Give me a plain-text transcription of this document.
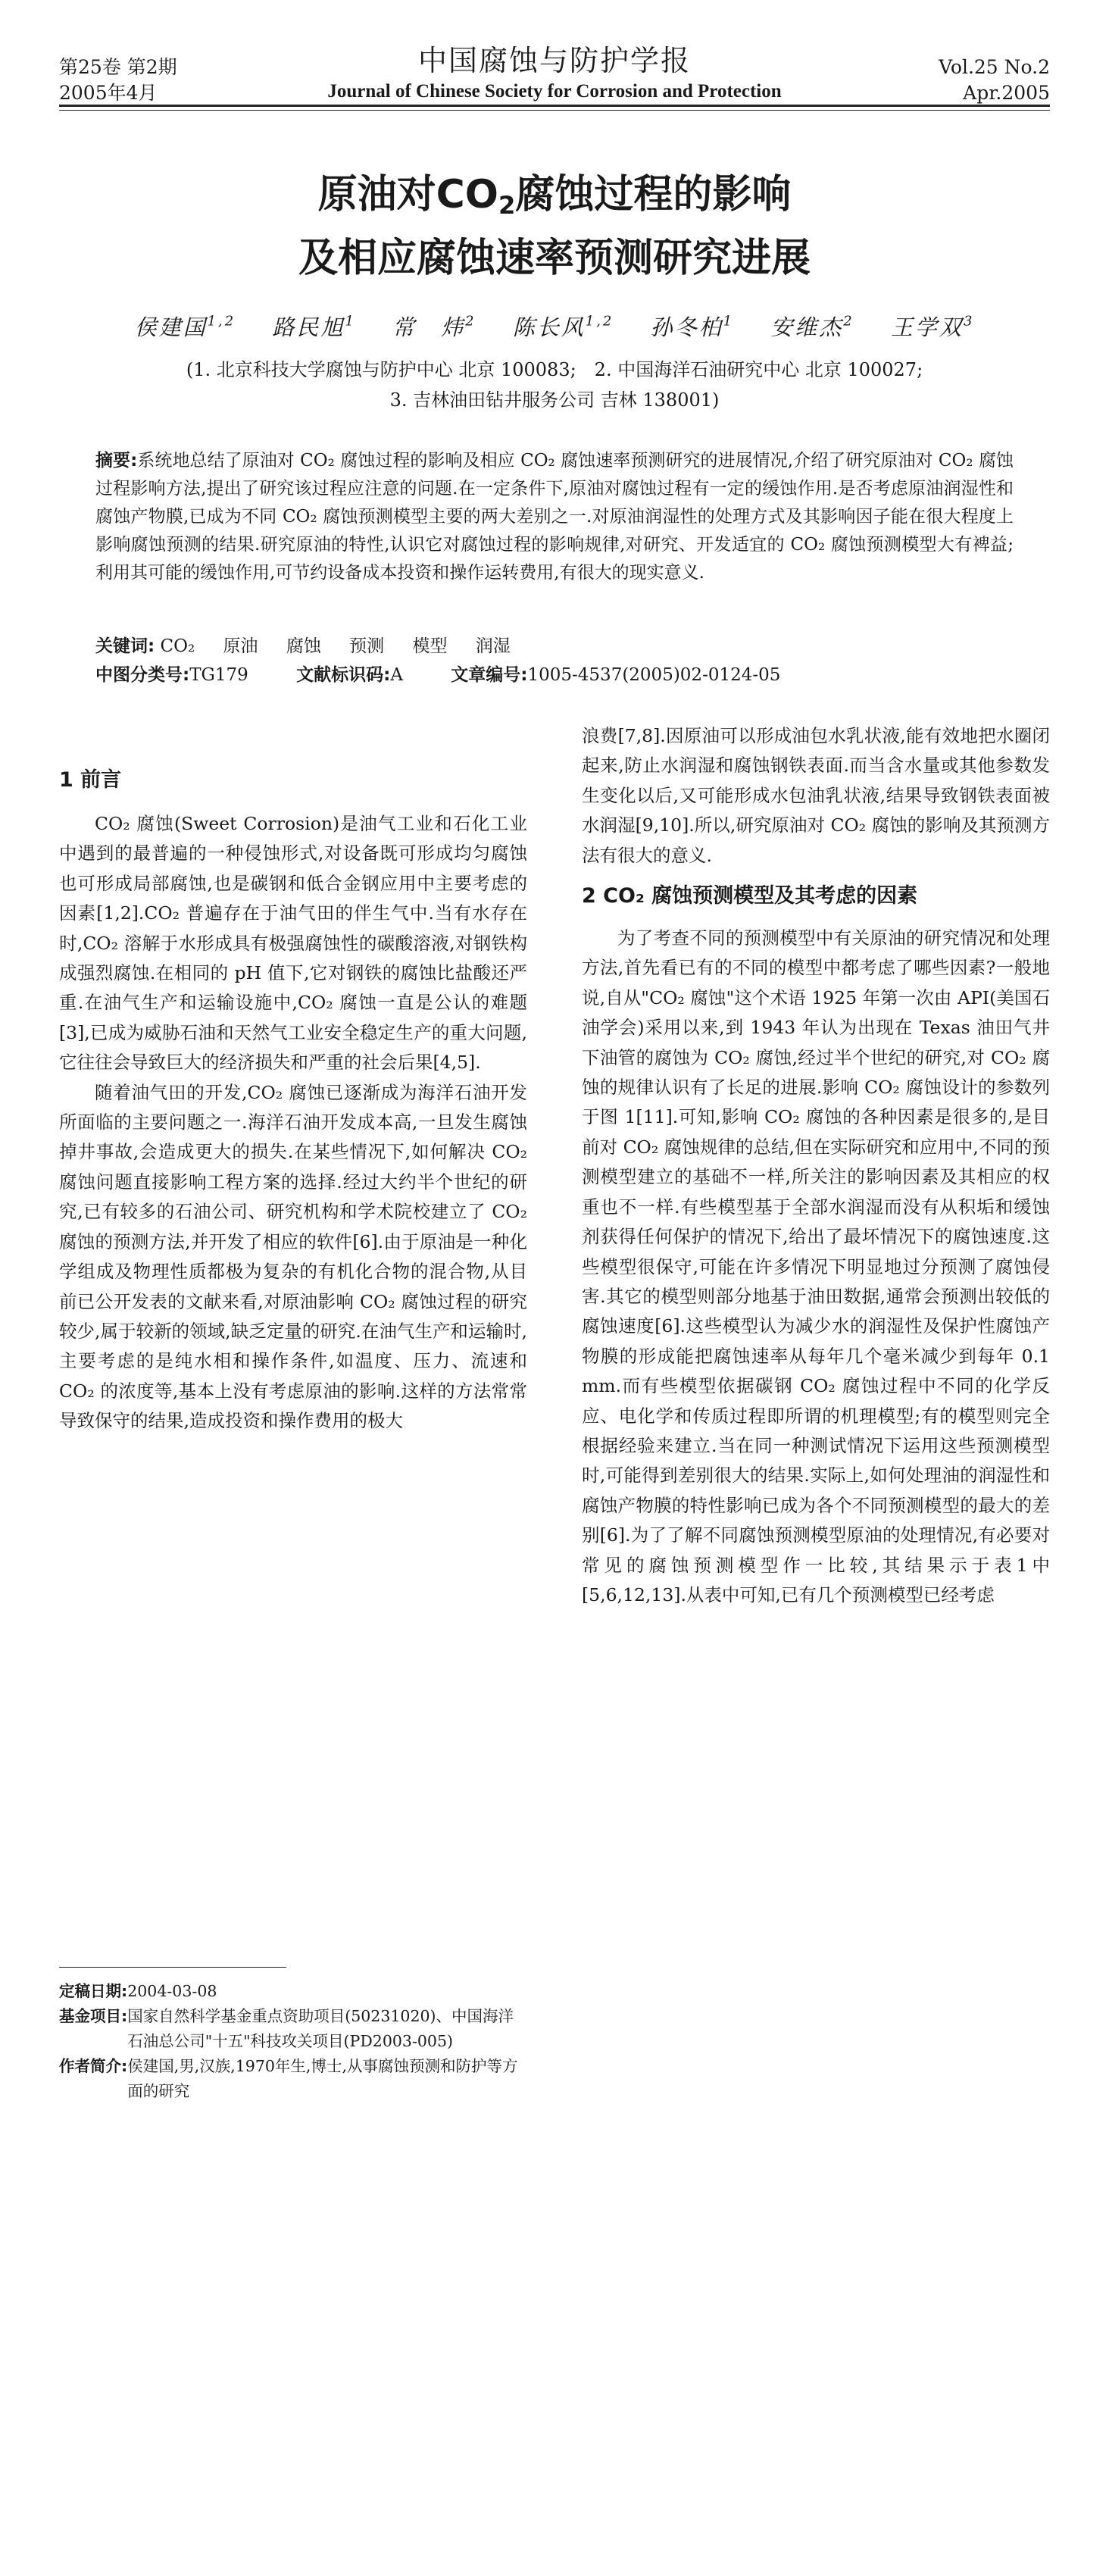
第25卷 第2期
2005年4月
中国腐蚀与防护学报
Journal of Chinese Society for Corrosion and Protection
Vol.25 No.2
Apr.2005
原油对$CO_2$腐蚀过程的影响
及相应腐蚀速率预测研究进展
侯建国$^{1,2}$ 路民旭$^1$ 常　炜$^2$ 陈长风$^{1,2}$ 孙冬柏$^1$ 安维杰$^2$ 王学双$^3$
(1. 北京科技大学腐蚀与防护中心 北京 100083;　2. 中国海洋石油研究中心 北京 100027;
3. 吉林油田钻井服务公司 吉林 138001)
摘要:系统地总结了原油对 CO₂ 腐蚀过程的影响及相应 CO₂ 腐蚀速率预测研究的进展情况,介绍了研究原油对 CO₂ 腐蚀过程影响方法,提出了研究该过程应注意的问题.在一定条件下,原油对腐蚀过程有一定的缓蚀作用.是否考虑原油润湿性和腐蚀产物膜,已成为不同 CO₂ 腐蚀预测模型主要的两大差别之一.对原油润湿性的处理方式及其影响因子能在很大程度上影响腐蚀预测的结果.研究原油的特性,认识它对腐蚀过程的影响规律,对研究、开发适宜的 CO₂ 腐蚀预测模型大有裨益;利用其可能的缓蚀作用,可节约设备成本投资和操作运转费用,有很大的现实意义.
关键词: CO₂ 原油 腐蚀 预测 模型 润湿
中图分类号:TG179	文献标识码:A	文章编号:1005-4537(2005)02-0124-05
1 前言

CO₂ 腐蚀(Sweet Corrosion)是油气工业和石化工业中遇到的最普遍的一种侵蚀形式,对设备既可形成均匀腐蚀也可形成局部腐蚀,也是碳钢和低合金钢应用中主要考虑的因素[1,2].CO₂ 普遍存在于油气田的伴生气中.当有水存在时,CO₂ 溶解于水形成具有极强腐蚀性的碳酸溶液,对钢铁构成强烈腐蚀.在相同的 pH 值下,它对钢铁的腐蚀比盐酸还严重.在油气生产和运输设施中,CO₂ 腐蚀一直是公认的难题[3],已成为威胁石油和天然气工业安全稳定生产的重大问题,它往往会导致巨大的经济损失和严重的社会后果[4,5].

随着油气田的开发,CO₂ 腐蚀已逐渐成为海洋石油开发所面临的主要问题之一.海洋石油开发成本高,一旦发生腐蚀掉井事故,会造成更大的损失.在某些情况下,如何解决 CO₂ 腐蚀问题直接影响工程方案的选择.经过大约半个世纪的研究,已有较多的石油公司、研究机构和学术院校建立了 CO₂ 腐蚀的预测方法,并开发了相应的软件[6].由于原油是一种化学组成及物理性质都极为复杂的有机化合物的混合物,从目前已公开发表的文献来看,对原油影响 CO₂ 腐蚀过程的研究较少,属于较新的领域,缺乏定量的研究.在油气生产和运输时,主要考虑的是纯水相和操作条件,如温度、压力、流速和 CO₂ 的浓度等,基本上没有考虑原油的影响.这样的方法常常导致保守的结果,造成投资和操作费用的极大

浪费[7,8].因原油可以形成油包水乳状液,能有效地把水圈闭起来,防止水润湿和腐蚀钢铁表面.而当含水量或其他参数发生变化以后,又可能形成水包油乳状液,结果导致钢铁表面被水润湿[9,10].所以,研究原油对 CO₂ 腐蚀的影响及其预测方法有很大的意义.

2 CO₂ 腐蚀预测模型及其考虑的因素

为了考查不同的预测模型中有关原油的研究情况和处理方法,首先看已有的不同的模型中都考虑了哪些因素?一般地说,自从"CO₂ 腐蚀"这个术语 1925 年第一次由 API(美国石油学会)采用以来,到 1943 年认为出现在 Texas 油田气井下油管的腐蚀为 CO₂ 腐蚀,经过半个世纪的研究,对 CO₂ 腐蚀的规律认识有了长足的进展.影响 CO₂ 腐蚀设计的参数列于图 1[11].可知,影响 CO₂ 腐蚀的各种因素是很多的,是目前对 CO₂ 腐蚀规律的总结,但在实际研究和应用中,不同的预测模型建立的基础不一样,所关注的影响因素及其相应的权重也不一样.有些模型基于全部水润湿而没有从积垢和缓蚀剂获得任何保护的情况下,给出了最坏情况下的腐蚀速度.这些模型很保守,可能在许多情况下明显地过分预测了腐蚀侵害.其它的模型则部分地基于油田数据,通常会预测出较低的腐蚀速度[6].这些模型认为减少水的润湿性及保护性腐蚀产物膜的形成能把腐蚀速率从每年几个毫米减少到每年 0.1 mm.而有些模型依据碳钢 CO₂ 腐蚀过程中不同的化学反应、电化学和传质过程即所谓的机理模型;有的模型则完全根据经验来建立.当在同一种测试情况下运用这些预测模型时,可能得到差别很大的结果.实际上,如何处理油的润湿性和腐蚀产物膜的特性影响已成为各个不同预测模型的最大的差别[6].为了了解不同腐蚀预测模型原油的处理情况,有必要对常见的腐蚀预测模型作一比较,其结果示于表1中[5,6,12,13].从表中可知,已有几个预测模型已经考虑

定稿日期: 2004-03-08
基金项目: 国家自然科学基金重点资助项目(50231020)、中国海洋石油总公司"十五"科技攻关项目(PD2003-005)
作者简介: 侯建国,男,汉族,1970年生,博士,从事腐蚀预测和防护等方面的研究
